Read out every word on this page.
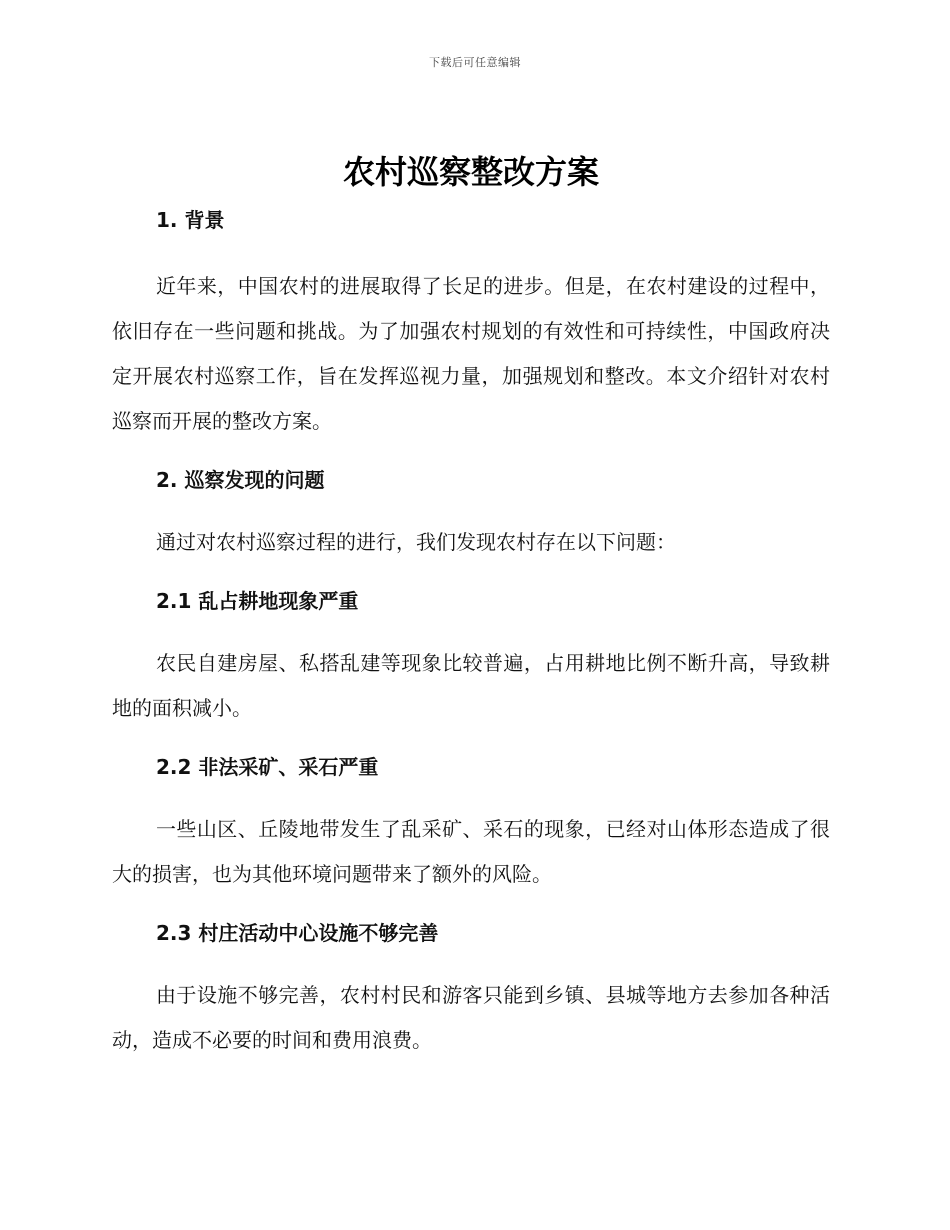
下载后可任意编辑
农村巡察整改方案
1. 背景

近年来，中国农村的进展取得了长足的进步。但是，在农村建设的过程中，依旧存在一些问题和挑战。为了加强农村规划的有效性和可持续性，中国政府决定开展农村巡察工作，旨在发挥巡视力量，加强规划和整改。本文介绍针对农村巡察而开展的整改方案。

2. 巡察发现的问题

通过对农村巡察过程的进行，我们发现农村存在以下问题：

2.1 乱占耕地现象严重

农民自建房屋、私搭乱建等现象比较普遍，占用耕地比例不断升高，导致耕地的面积减小。

2.2 非法采矿、采石严重

一些山区、丘陵地带发生了乱采矿、采石的现象，已经对山体形态造成了很大的损害，也为其他环境问题带来了额外的风险。

2.3 村庄活动中心设施不够完善

由于设施不够完善，农村村民和游客只能到乡镇、县城等地方去参加各种活动，造成不必要的时间和费用浪费。
